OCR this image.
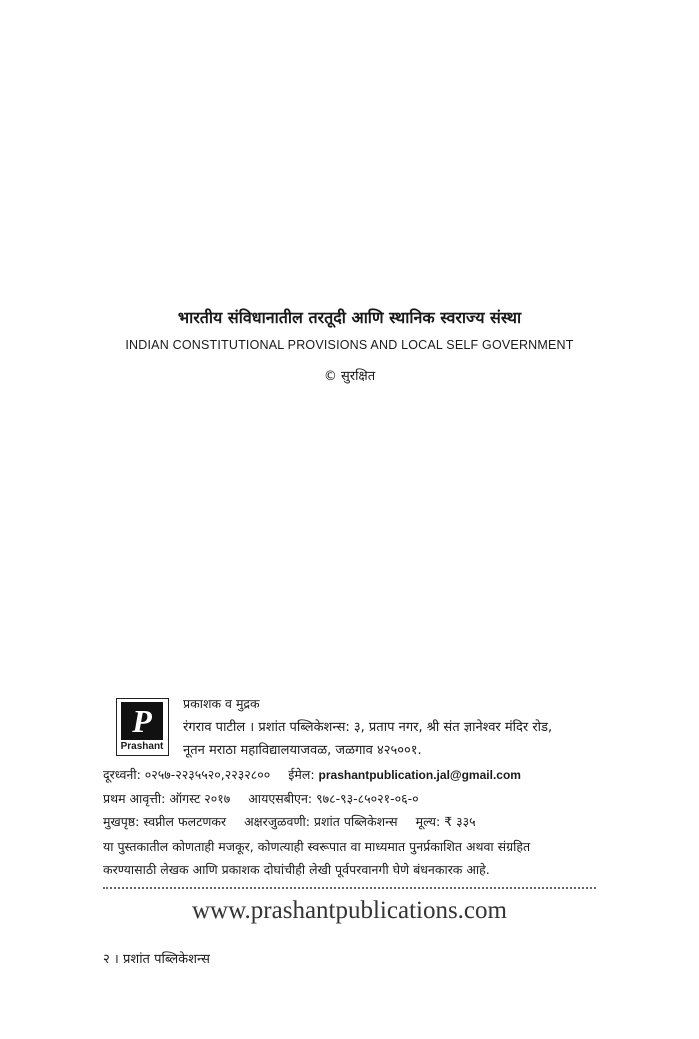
भारतीय संविधानातील तरतूदी आणि स्थानिक स्वराज्य संस्था
INDIAN CONSTITUTIONAL PROVISIONS AND LOCAL SELF GOVERNMENT
© सुरक्षित
P
Prashant
प्रकाशक व मुद्रक
रंगराव पाटील । प्रशांत पब्लिकेशन्स: ३, प्रताप नगर, श्री संत ज्ञानेश्वर मंदिर रोड,
नूतन मराठा महाविद्यालयाजवळ, जळगाव ४२५००१.
दूरध्वनी: ०२५७-२२३५५२०,२२३२८०० ईमेल: prashantpublication.jal@gmail.com
प्रथम आवृत्ती: ऑगस्ट २०१७ आयएसबीएन: ९७८-९३-८५०२१-०६-०
मुखपृष्ठ: स्वप्नील फलटणकर अक्षरजुळवणी: प्रशांत पब्लिकेशन्स मूल्य: ₹ ३३५
या पुस्तकातील कोणताही मजकूर, कोणत्याही स्वरूपात वा माध्यमात पुनर्प्रकाशित अथवा संग्रहित
करण्यासाठी लेखक आणि प्रकाशक दोघांचीही लेखी पूर्वपरवानगी घेणे बंधनकारक आहे.
www.prashantpublications.com
२ । प्रशांत पब्लिकेशन्स
